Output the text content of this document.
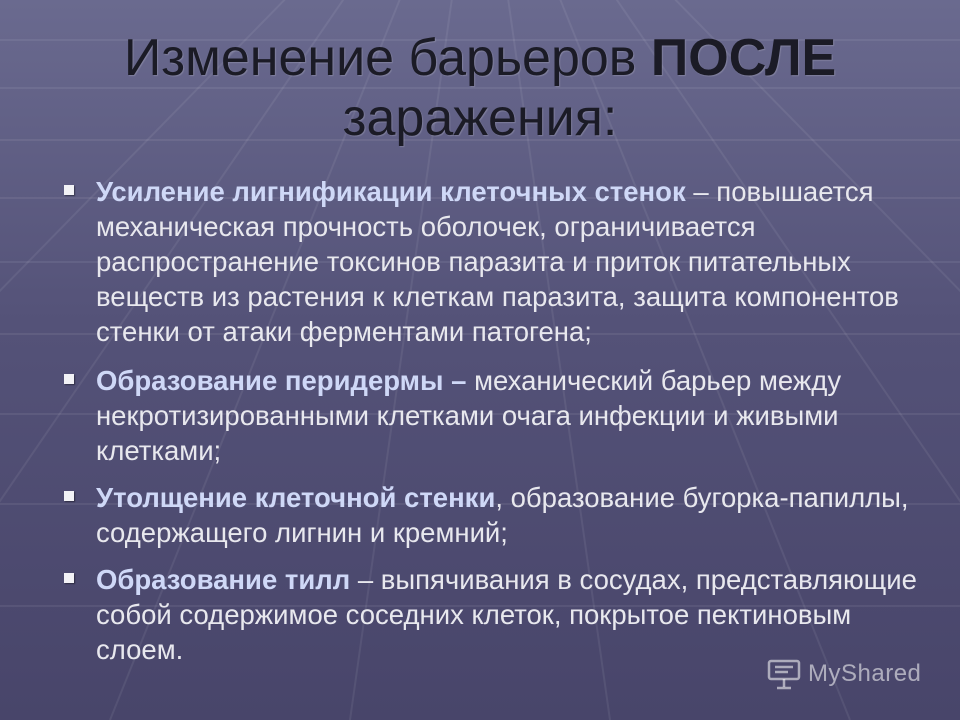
Изменение барьеров ПОСЛЕ
заражения:
Усиление лигнификации клеточных стенок – повышается механическая прочность оболочек, ограничивается распространение токсинов паразита и приток питательных веществ из растения к клеткам паразита, защита компонентов стенки от атаки ферментами патогена;
Образование перидермы – механический барьер между некротизированными клетками очага инфекции и живыми клетками;
Утолщение клеточной стенки, образование бугорка-папиллы, содержащего лигнин и кремний;
Образование тилл – выпячивания в сосудах, представляющие собой содержимое соседних клеток, покрытое пектиновым слоем.
MyShared
